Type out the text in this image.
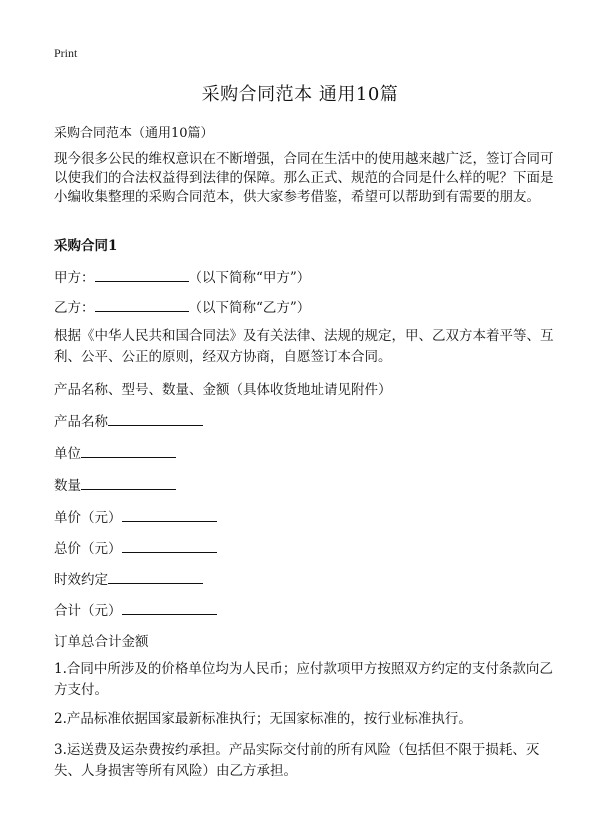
Print
采购合同范本 通用10篇

采购合同范本（通用10篇）

现今很多公民的维权意识在不断增强，合同在生活中的使用越来越广泛，签订合同可以使我们的合法权益得到法律的保障。那么正式、规范的合同是什么样的呢？下面是小编收集整理的采购合同范本，供大家参考借鉴，希望可以帮助到有需要的朋友。

采购合同1

甲方：	（以下简称“甲方”）

乙方：	（以下简称“乙方”）

根据《中华人民共和国合同法》及有关法律、法规的规定，甲、乙双方本着平等、互利、公平、公正的原则，经双方协商，自愿签订本合同。

产品名称、型号、数量、金额（具体收货地址请见附件）

产品名称

单位

数量

单价（元）

总价（元）

时效约定

合计（元）

订单总合计金额

1.合同中所涉及的价格单位均为人民币；应付款项甲方按照双方约定的支付条款向乙方支付。

2.产品标准依据国家最新标准执行；无国家标准的，按行业标准执行。

3.运送费及运杂费按约承担。产品实际交付前的所有风险（包括但不限于损耗、灭失、人身损害等所有风险）由乙方承担。
